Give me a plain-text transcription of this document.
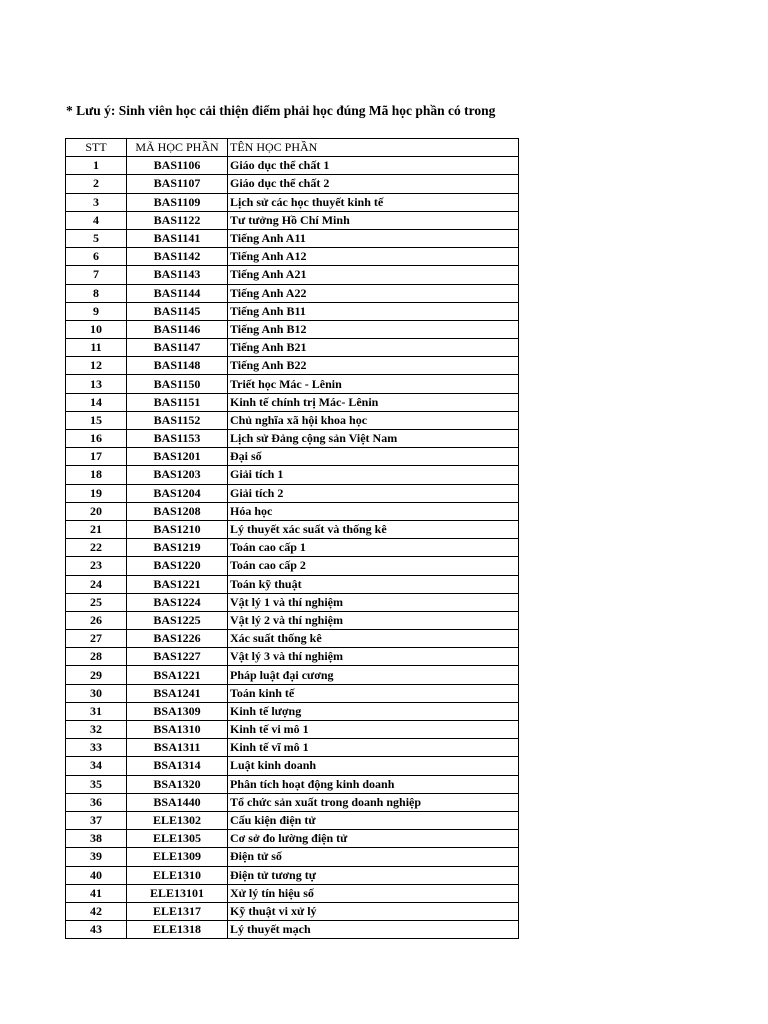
* Lưu ý: Sinh viên học cải thiện điểm phải học đúng Mã học phần có trong
STT	MÃ HỌC PHẦN	TÊN HỌC PHẦN
1	BAS1106	Giáo dục thể chất 1
2	BAS1107	Giáo dục thể chất 2
3	BAS1109	Lịch sử các học thuyết kinh tế
4	BAS1122	Tư tưởng Hồ Chí Minh
5	BAS1141	Tiếng Anh A11
6	BAS1142	Tiếng Anh A12
7	BAS1143	Tiếng Anh A21
8	BAS1144	Tiếng Anh A22
9	BAS1145	Tiếng Anh B11
10	BAS1146	Tiếng Anh B12
11	BAS1147	Tiếng Anh B21
12	BAS1148	Tiếng Anh B22
13	BAS1150	Triết học Mác - Lênin
14	BAS1151	Kinh tế chính trị Mác- Lênin
15	BAS1152	Chủ nghĩa xã hội khoa học
16	BAS1153	Lịch sử Đảng cộng sản Việt Nam
17	BAS1201	Đại số
18	BAS1203	Giải tích 1
19	BAS1204	Giải tích 2
20	BAS1208	Hóa học
21	BAS1210	Lý thuyết xác suất và thống kê
22	BAS1219	Toán cao cấp 1
23	BAS1220	Toán cao cấp 2
24	BAS1221	Toán kỹ thuật
25	BAS1224	Vật lý 1 và thí nghiệm
26	BAS1225	Vật lý 2 và thí nghiệm
27	BAS1226	Xác suất thống kê
28	BAS1227	Vật lý 3 và thí nghiệm
29	BSA1221	Pháp luật đại cương
30	BSA1241	Toán kinh tế
31	BSA1309	Kinh tế lượng
32	BSA1310	Kinh tế vi mô 1
33	BSA1311	Kinh tế vĩ mô 1
34	BSA1314	Luật kinh doanh
35	BSA1320	Phân tích hoạt động kinh doanh
36	BSA1440	Tổ chức sản xuất trong doanh nghiệp
37	ELE1302	Cấu kiện điện tử
38	ELE1305	Cơ sở đo lường điện tử
39	ELE1309	Điện tử số
40	ELE1310	Điện tử tương tự
41	ELE13101	Xử lý tín hiệu số
42	ELE1317	Kỹ thuật vi xử lý
43	ELE1318	Lý thuyết mạch
